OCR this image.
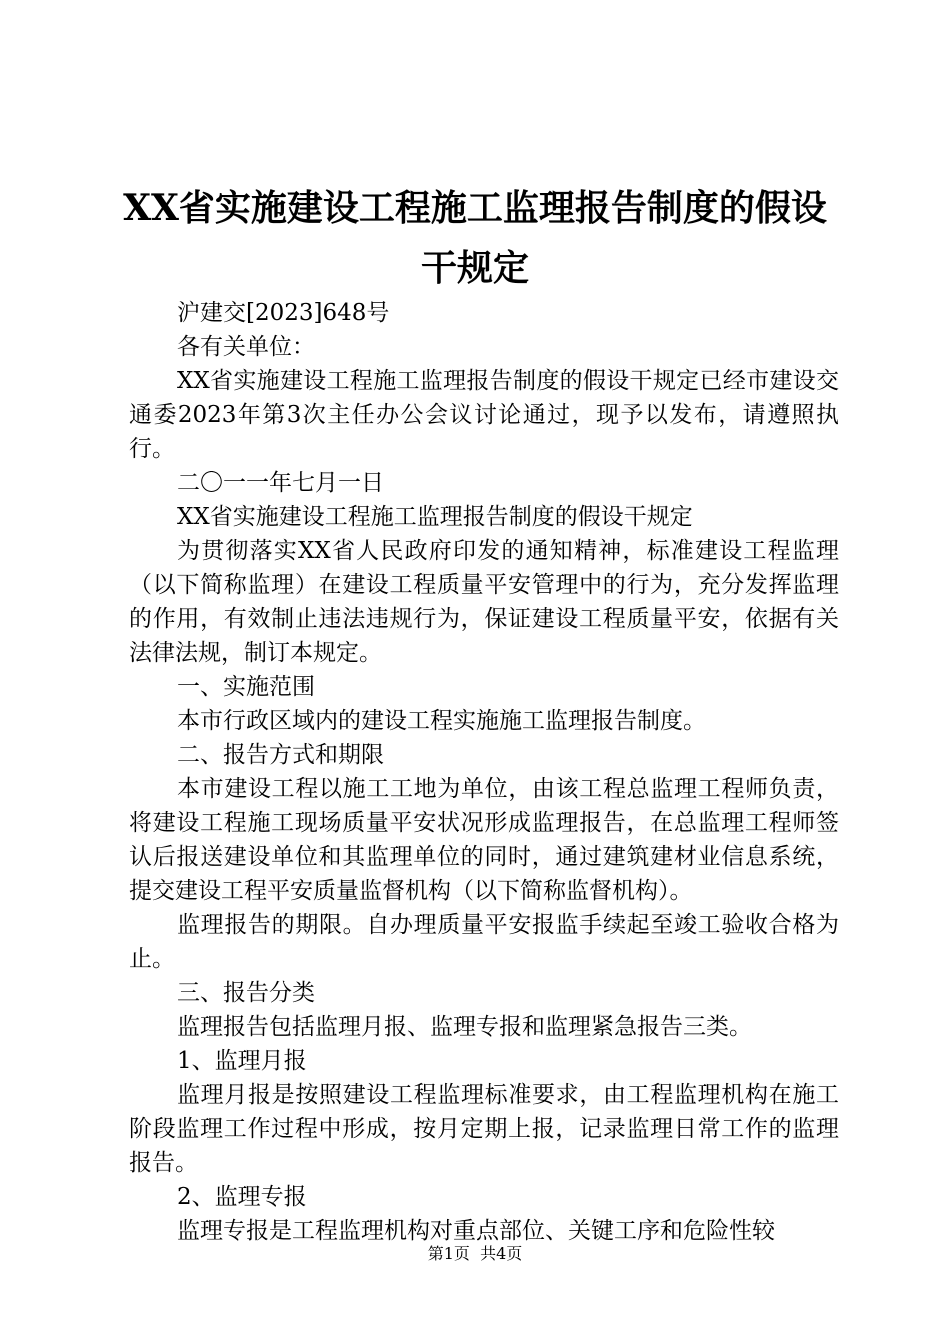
XX省实施建设工程施工监理报告制度的假设
干规定

沪建交[2023]648号

各有关单位：

XX省实施建设工程施工监理报告制度的假设干规定已经市建设交通委2023年第3次主任办公会议讨论通过，现予以发布，请遵照执行。

二〇一一年七月一日

XX省实施建设工程施工监理报告制度的假设干规定

为贯彻落实XX省人民政府印发的通知精神，标准建设工程监理（以下简称监理）在建设工程质量平安管理中的行为，充分发挥监理的作用，有效制止违法违规行为，保证建设工程质量平安，依据有关法律法规，制订本规定。

一、实施范围

本市行政区域内的建设工程实施施工监理报告制度。

二、报告方式和期限

本市建设工程以施工工地为单位，由该工程总监理工程师负责，将建设工程施工现场质量平安状况形成监理报告，在总监理工程师签认后报送建设单位和其监理单位的同时，通过建筑建材业信息系统，提交建设工程平安质量监督机构（以下简称监督机构）。

监理报告的期限。自办理质量平安报监手续起至竣工验收合格为止。

三、报告分类

监理报告包括监理月报、监理专报和监理紧急报告三类。

1、监理月报

监理月报是按照建设工程监理标准要求，由工程监理机构在施工阶段监理工作过程中形成，按月定期上报，记录监理日常工作的监理报告。

2、监理专报

监理专报是工程监理机构对重点部位、关键工序和危险性较

第1页  共4页
